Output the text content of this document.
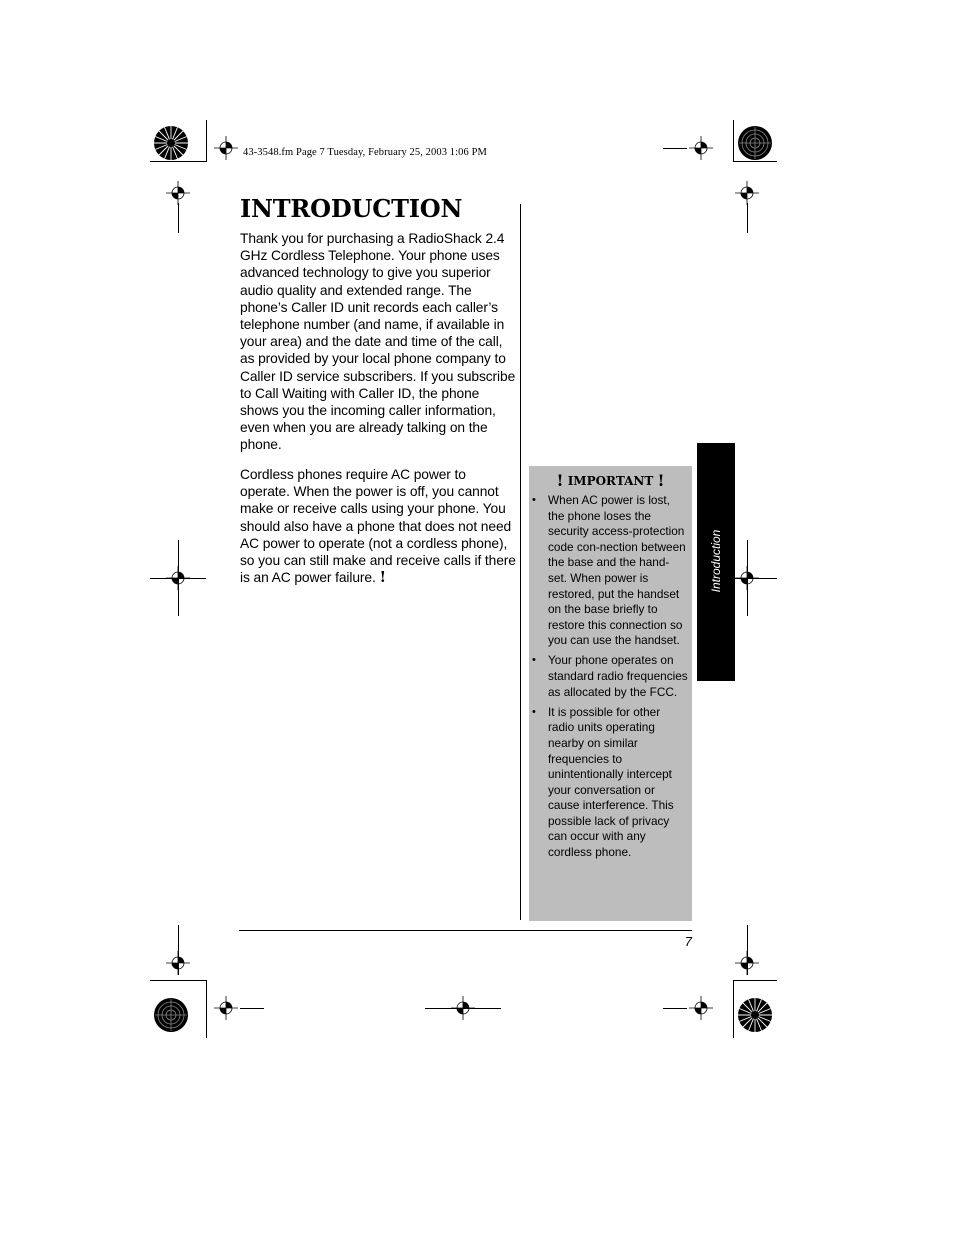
43-3548.fm Page 7 Tuesday, February 25, 2003 1:06 PM
INTRODUCTION

Thank you for purchasing a RadioShack 2.4 GHz Cordless Telephone. Your phone uses advanced technology to give you superior audio quality and extended range. The phone’s Caller ID unit records each caller’s telephone number (and name, if available in your area) and the date and time of the call, as provided by your local phone company to Caller ID service subscribers. If you subscribe to Call Waiting with Caller ID, the phone shows you the incoming caller information, even when you are already talking on the phone.

Cordless phones require AC power to operate. When the power is off, you cannot make or receive calls using your phone. You should also have a phone that does not need AC power to operate (not a cordless phone), so you can still make and receive calls if there is an AC power failure. !

! IMPORTANT !
• When AC power is lost, the phone loses the security access-protection code con-nection between the base and the hand-set. When power is restored, put the handset on the base briefly to restore this connection so you can use the handset.
• Your phone operates on standard radio frequencies as allocated by the FCC.
• It is possible for other radio units operating nearby on similar frequencies to unintentionally intercept your conversation or cause interference. This possible lack of privacy can occur with any cordless phone.
Introduction
7
